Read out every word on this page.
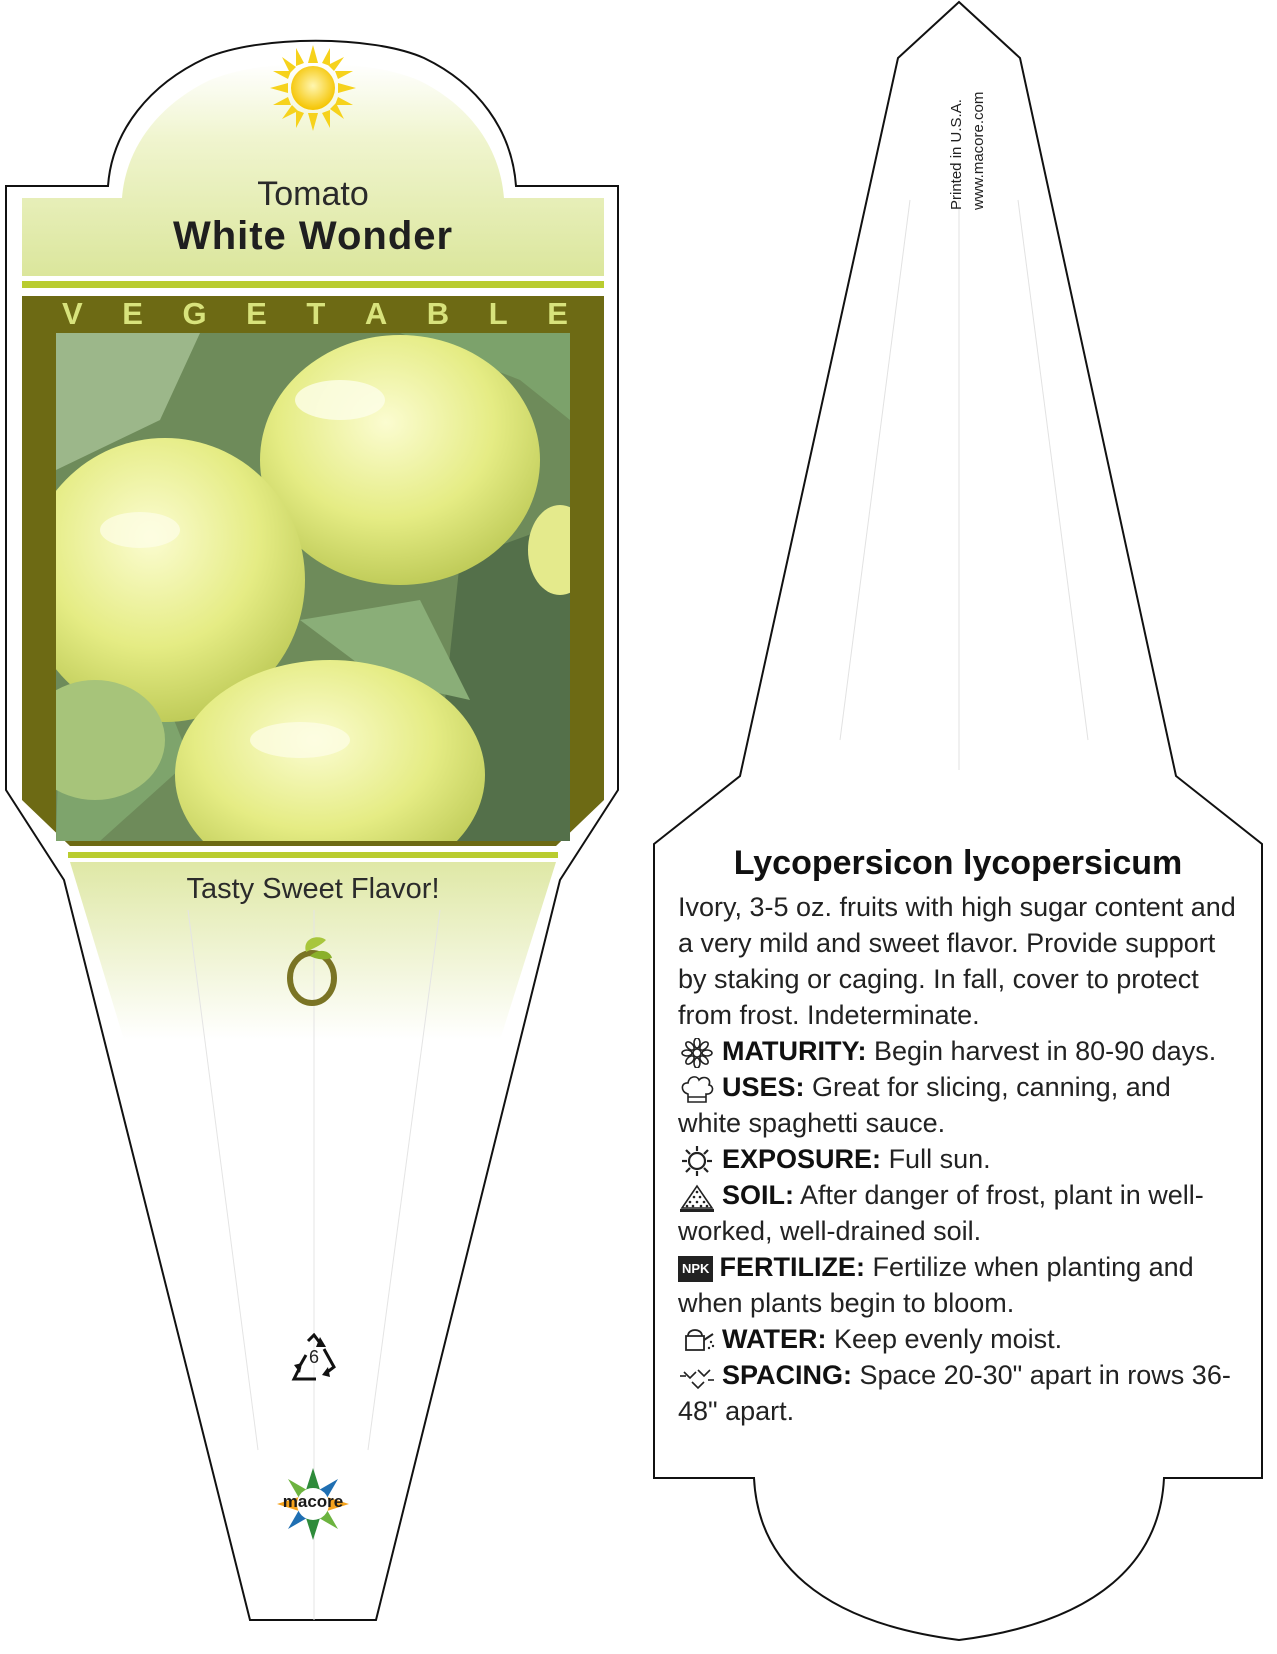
Tomato
White Wonder
V E G E T A B L E
Tasty Sweet Flavor!
6
macore
Printed in U.S.A. www.macore.com
Lycopersicon lycopersicum
Ivory, 3-5 oz. fruits with high sugar content and a very mild and sweet flavor. Provide support by staking or caging. In fall, cover to protect from frost. Indeterminate.
MATURITY: Begin harvest in 80-90 days.
USES: Great for slicing, canning, and white spaghetti sauce.
EXPOSURE: Full sun.
SOIL: After danger of frost, plant in well-worked, well-drained soil.
NPK FERTILIZE: Fertilize when planting and when plants begin to bloom.
WATER: Keep evenly moist.
SPACING: Space 20-30" apart in rows 36-48" apart.
